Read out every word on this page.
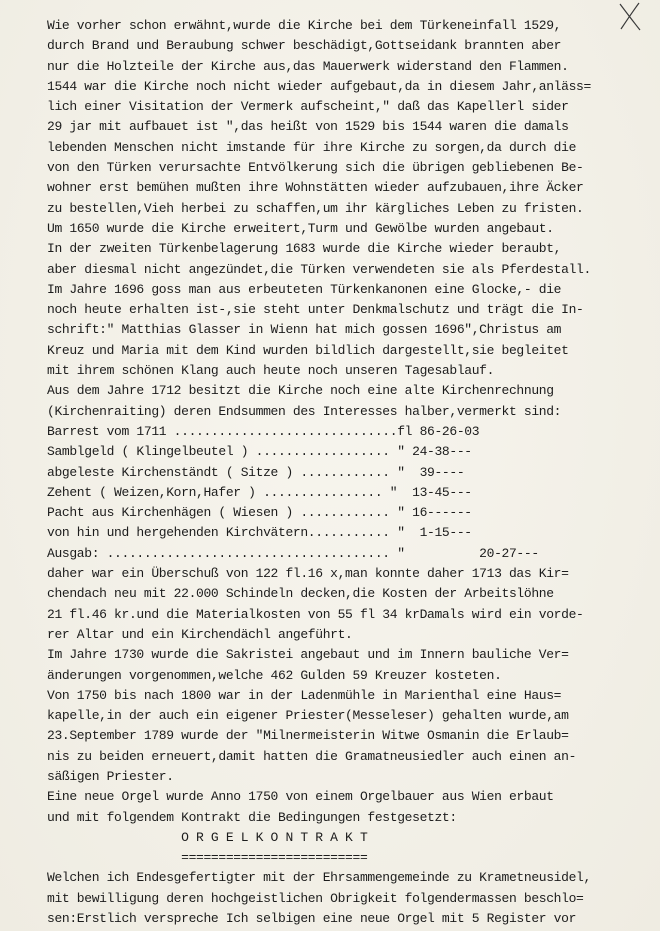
Wie vorher schon erwähnt,wurde die Kirche bei dem Türkeneinfall 1529,
durch Brand und Beraubung schwer beschädigt,Gottseidank brannten aber
nur die Holzteile der Kirche aus,das Mauerwerk widerstand den Flammen.
1544 war die Kirche noch nicht wieder aufgebaut,da in diesem Jahr,anläss=
lich einer Visitation der Vermerk aufscheint," daß das Kapellerl sider
29 jar mit aufbauet ist ",das heißt von 1529 bis 1544 waren die damals
lebenden Menschen nicht imstande für ihre Kirche zu sorgen,da durch die
von den Türken verursachte Entvölkerung sich die übrigen gebliebenen Be-
wohner erst bemühen mußten ihre Wohnstätten wieder aufzubauen,ihre Äcker
zu bestellen,Vieh herbei zu schaffen,um ihr kärgliches Leben zu fristen.
Um 1650 wurde die Kirche erweitert,Turm und Gewölbe wurden angebaut.
In der zweiten Türkenbelagerung 1683 wurde die Kirche wieder beraubt,
aber diesmal nicht angezündet,die Türken verwendeten sie als Pferdestall.
Im Jahre 1696 goss man aus erbeuteten Türkenkanonen eine Glocke,- die
noch heute erhalten ist-,sie steht unter Denkmalschutz und trägt die In-
schrift:" Matthias Glasser in Wienn hat mich gossen 1696",Christus am
Kreuz und Maria mit dem Kind wurden bildlich dargestellt,sie begleitet
mit ihrem schönen Klang auch heute noch unseren Tagesablauf.
Aus dem Jahre 1712 besitzt die Kirche noch eine alte Kirchenrechnung
(Kirchenraiting) deren Endsummen des Interesses halber,vermerkt sind:
Barrest vom 1711 ..............................fl 86-26-03
Samblgeld ( Klingelbeutel ) .................. " 24-38---
abgeleste Kirchenständt ( Sitze ) ............ "  39----
Zehent ( Weizen,Korn,Hafer ) ................ "  13-45---
Pacht aus Kirchenhägen ( Wiesen ) ............ " 16------
von hin und hergehenden Kirchvätern........... "  1-15---
Ausgab: ...................................... "          20-27---
daher war ein Überschuß von 122 fl.16 x,man konnte daher 1713 das Kir=
chendach neu mit 22.000 Schindeln decken,die Kosten der Arbeitslöhne
21 fl.46 kr.und die Materialkosten von 55 fl 34 krDamals wird ein vorde-
rer Altar und ein Kirchendächl angeführt.
Im Jahre 1730 wurde die Sakristei angebaut und im Innern bauliche Ver=
änderungen vorgenommen,welche 462 Gulden 59 Kreuzer kosteten.
Von 1750 bis nach 1800 war in der Ladenmühle in Marienthal eine Haus=
kapelle,in der auch ein eigener Priester(Messeleser) gehalten wurde,am
23.September 1789 wurde der "Milnermeisterin Witwe Osmanin die Erlaub=
nis zu beiden erneuert,damit hatten die Gramatneusiedler auch einen an-
säßigen Priester.
Eine neue Orgel wurde Anno 1750 von einem Orgelbauer aus Wien erbaut
und mit folgendem Kontrakt die Bedingungen festgesetzt:
O R G E L K O N T R A K T
=========================
Welchen ich Endesgefertigter mit der Ehrsammengemeinde zu Krametneusidel,
mit bewilligung deren hochgeistlichen Obrigkeit folgendermassen beschlo=
sen:Erstlich verspreche Ich selbigen eine neue Orgel mit 5 Register vor
